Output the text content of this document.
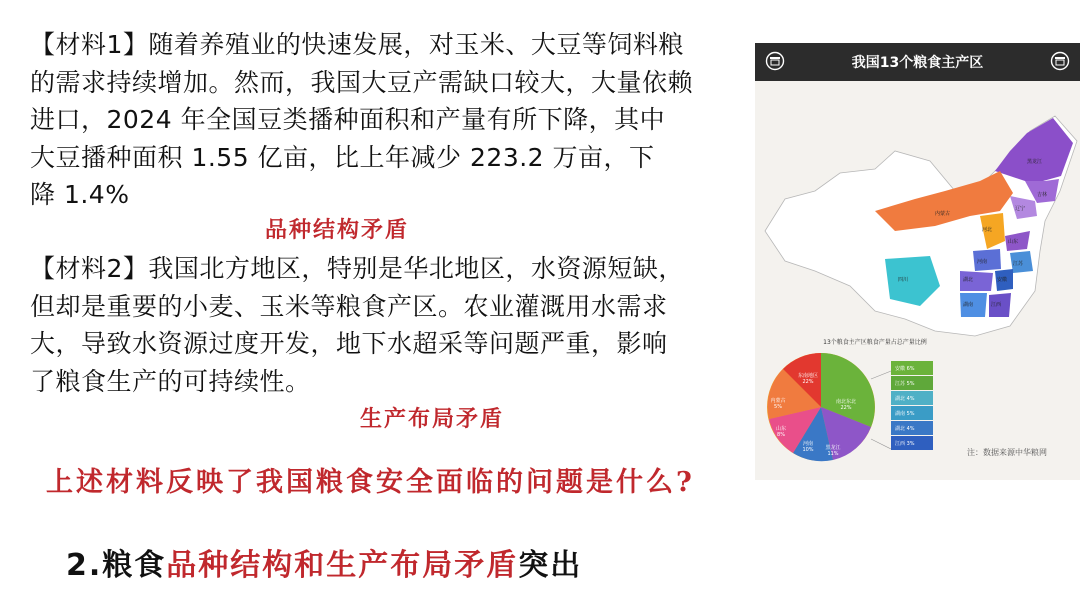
【材料1】随着养殖业的快速发展，对玉米、大豆等饲料粮
的需求持续增加。然而，我国大豆产需缺口较大，大量依赖
进口，2024 年全国豆类播种面积和产量有所下降，其中
大豆播种面积 1.55 亿亩，比上年减少 223.2 万亩，下
降 1.4%
品种结构矛盾
【材料2】我国北方地区，特别是华北地区，水资源短缺，
但却是重要的小麦、玉米等粮食产区。农业灌溉用水需求
大，导致水资源过度开发，地下水超采等问题严重，影响
了粮食生产的可持续性。
生产布局矛盾
上述材料反映了我国粮食安全面临的问题是什么?
2.粮食品种结构和生产布局矛盾突出
我国13个粮食主产区
黑龙江
吉林
辽宁
内蒙古
河北
山东
河南	江苏
安徽
湖北
湖南	江西
四川
13个粮食主产区粮食产量占总产量比例
东南地区
22%
南北东北
22%
河南
10%	黑龙江
11%
山东
8%
内蒙古
5%
安徽 6%
江苏 5%
湖北 4%
湖南 5%
湖北 4%
江西 3%
注：数据来源中华粮网
